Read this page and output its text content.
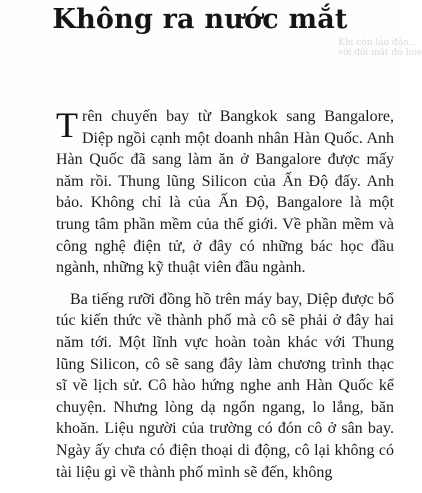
Khi còn lảo đảo...
với đôi mắt đỏ hoe
Không ra nước mắt

Trên chuyến bay từ Bangkok sang Bangalore, Diệp ngồi cạnh một doanh nhân Hàn Quốc. Anh Hàn Quốc đã sang làm ăn ở Bangalore được mấy năm rồi. Thung lũng Silicon của Ấn Độ đấy. Anh bảo. Không chỉ là của Ấn Độ, Bangalore là một trung tâm phần mềm của thế giới. Về phần mềm và công nghệ điện tử, ở đây có những bác học đầu ngành, những kỹ thuật viên đầu ngành.

Ba tiếng rưỡi đồng hồ trên máy bay, Diệp được bổ túc kiến thức về thành phố mà cô sẽ phải ở đây hai năm tới. Một lĩnh vực hoàn toàn khác với Thung lũng Silicon, cô sẽ sang đây làm chương trình thạc sĩ về lịch sử. Cô hào hứng nghe anh Hàn Quốc kể chuyện. Nhưng lòng dạ ngổn ngang, lo lắng, băn khoăn. Liệu người của trường có đón cô ở sân bay. Ngày ấy chưa có điện thoại di động, cô lại không có tài liệu gì về thành phố mình sẽ đến, không
